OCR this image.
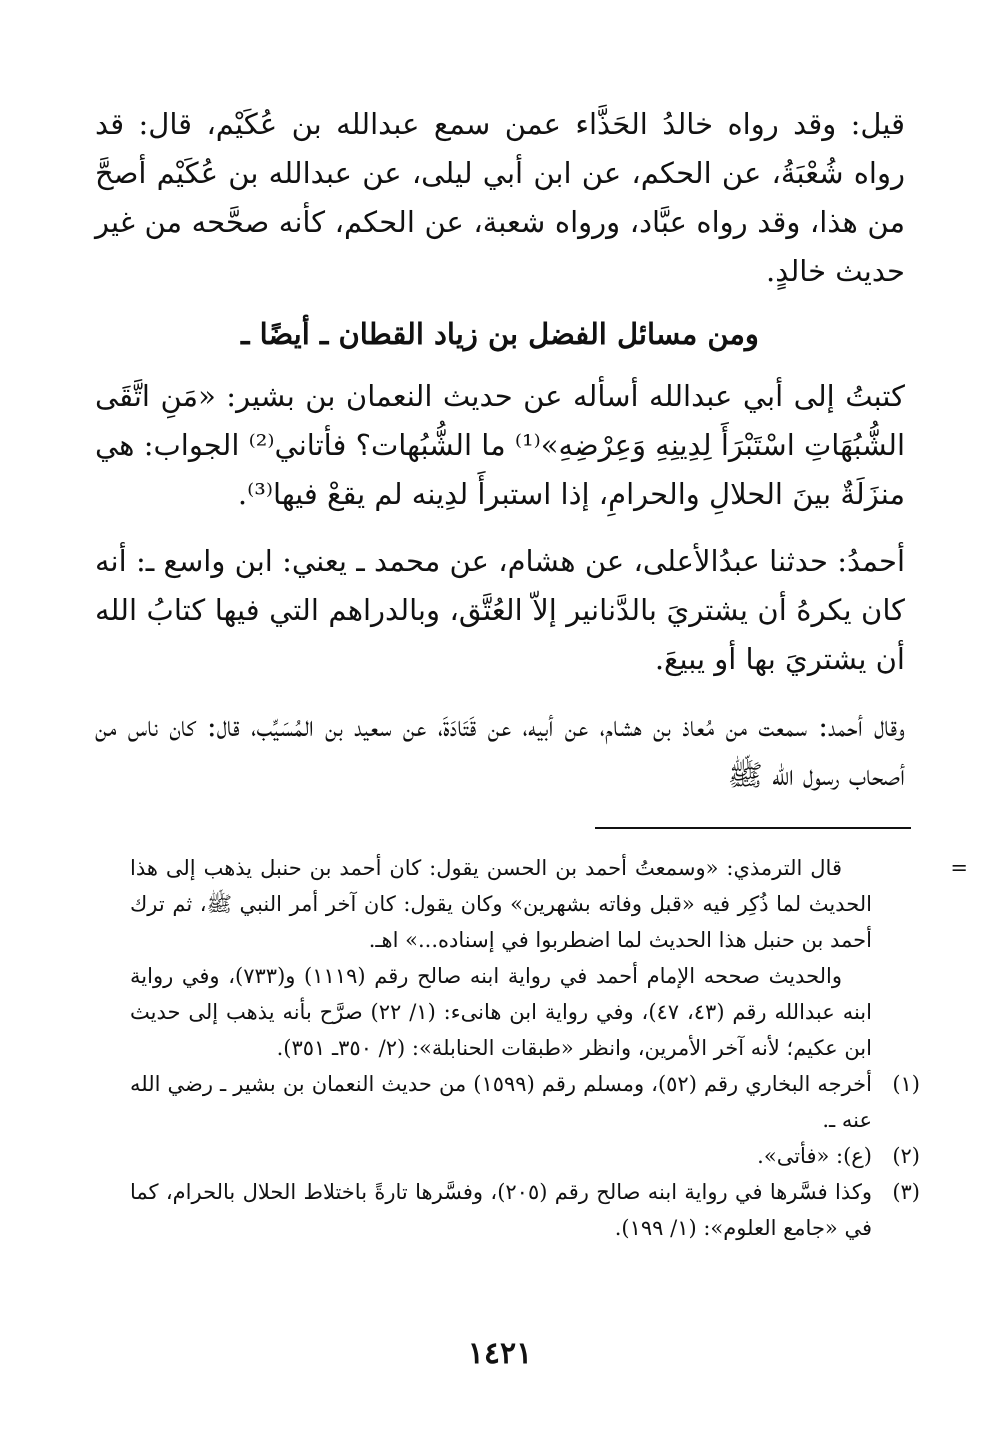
قيل: وقد رواه خالدُ الحَذَّاء عمن سمع عبدالله بن عُكَيْم، قال: قد رواه شُعْبَةُ، عن الحكم، عن ابن أبي ليلى، عن عبدالله بن عُكَيْم أصحَّ من هذا، وقد رواه عبَّاد، ورواه شعبة، عن الحكم، كأنه صحَّحه من غير حديث خالدٍ.

ومن مسائل الفضل بن زياد القطان ـ أيضًا ـ

كتبتُ إلى أبي عبدالله أسأله عن حديث النعمان بن بشير: «مَنِ اتَّقَى الشُّبُهَاتِ اسْتَبْرَأَ لِدِينِهِ وَعِرْضِهِ»⁽¹⁾ ما الشُّبُهات؟ فأتاني⁽²⁾ الجواب: هي منزَلَةٌ بينَ الحلالِ والحرامِ، إذا استبرأَ لدِينه لم يقعْ فيها⁽³⁾.

أحمدُ: حدثنا عبدُالأعلى، عن هشام، عن محمد ـ يعني: ابن واسع ـ: أنه كان يكرهُ أن يشتريَ بالدَّنانير إلاّ العُتَّق، وبالدراهم التي فيها كتابُ الله أن يشتريَ بها أو يبيعَ.

وقال أحمد: سمعت من مُعاذ بن هشام، عن أبيه، عن قَتَادَةَ، عن سعيد بن المُسَيِّب، قال: كان ناس من أصحاب رسول الله ﷺ

=

قال الترمذي: «وسمعتُ أحمد بن الحسن يقول: كان أحمد بن حنبل يذهب إلى هذا الحديث لما ذُكِر فيه «قبل وفاته بشهرين» وكان يقول: كان آخر أمر النبي ﷺ، ثم ترك أحمد بن حنبل هذا الحديث لما اضطربوا في إسناده...» اهـ.

والحديث صححه الإمام أحمد في رواية ابنه صالح رقم (١١١٩) و(٧٣٣)، وفي رواية ابنه عبدالله رقم (٤٣، ٤٧)، وفي رواية ابن هانىء: (١/ ٢٢) صرَّح بأنه يذهب إلى حديث ابن عكيم؛ لأنه آخر الأمرين، وانظر «طبقات الحنابلة»: (٢/ ٣٥٠ـ ٣٥١).

(١)
أخرجه البخاري رقم (٥٢)، ومسلم رقم (١٥٩٩) من حديث النعمان بن بشير ـ رضي الله عنه ـ.
(٢)
(ع): «فأتى».
(٣)
وكذا فسَّرها في رواية ابنه صالح رقم (٢٠٥)، وفسَّرها تارةً باختلاط الحلال بالحرام، كما في «جامع العلوم»: (١/ ١٩٩).
١٤٢١
